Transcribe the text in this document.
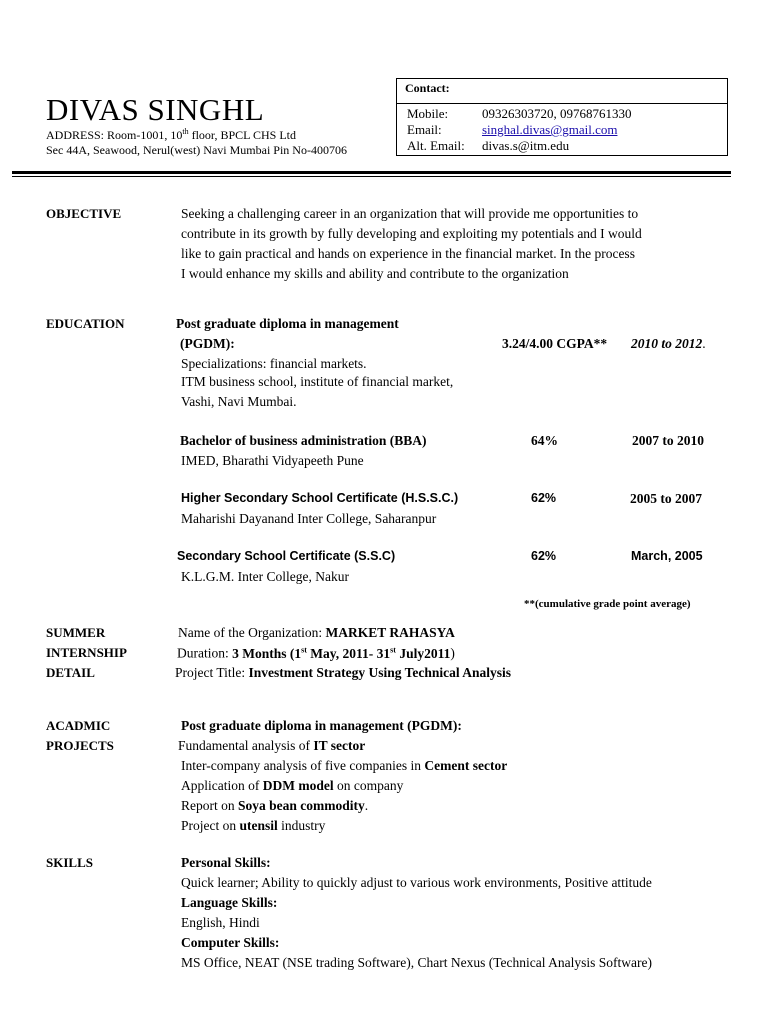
DIVAS SINGHL
ADDRESS: Room-1001, 10th floor, BPCL CHS Ltd
Sec 44A, Seawood, Nerul(west) Navi Mumbai Pin No-400706
Contact:
Mobile:	09326303720, 09768761330
Email:	singhal.divas@gmail.com
Alt. Email: divas.s@itm.edu
OBJECTIVE	Seeking a challenging career in an organization that will provide me opportunities to
contribute in its growth by fully developing and exploiting my potentials and I would
like to gain practical and hands on experience in the financial market. In the process
I would enhance my skills and ability and contribute to the organization
EDUCATION	Post graduate diploma in management
(PGDM):	3.24/4.00 CGPA** 2010 to 2012.
Specializations: financial markets.
ITM business school, institute of financial market,
Vashi, Navi Mumbai.
Bachelor of business administration (BBA)	64%	2007 to 2010
IMED, Bharathi Vidyapeeth Pune
Higher Secondary School Certificate (H.S.S.C.)	62%	2005 to 2007
Maharishi Dayanand Inter College, Saharanpur
Secondary School Certificate (S.S.C)	62%	March, 2005
K.L.G.M. Inter College, Nakur
**(cumulative grade point average)
SUMMER
INTERNSHIP
DETAIL
Name of the Organization: MARKET RAHASYA
Duration: 3 Months (1st May, 2011- 31st July2011)
Project Title: Investment Strategy Using Technical Analysis
ACADMIC
PROJECTS
Post graduate diploma in management (PGDM):
Fundamental analysis of IT sector
Inter-company analysis of five companies in Cement sector
Application of DDM model on company
Report on Soya bean commodity.
Project on utensil industry
SKILLS	Personal Skills:
Quick learner; Ability to quickly adjust to various work environments, Positive attitude
Language Skills:
English, Hindi
Computer Skills:
MS Office, NEAT (NSE trading Software), Chart Nexus (Technical Analysis Software)
